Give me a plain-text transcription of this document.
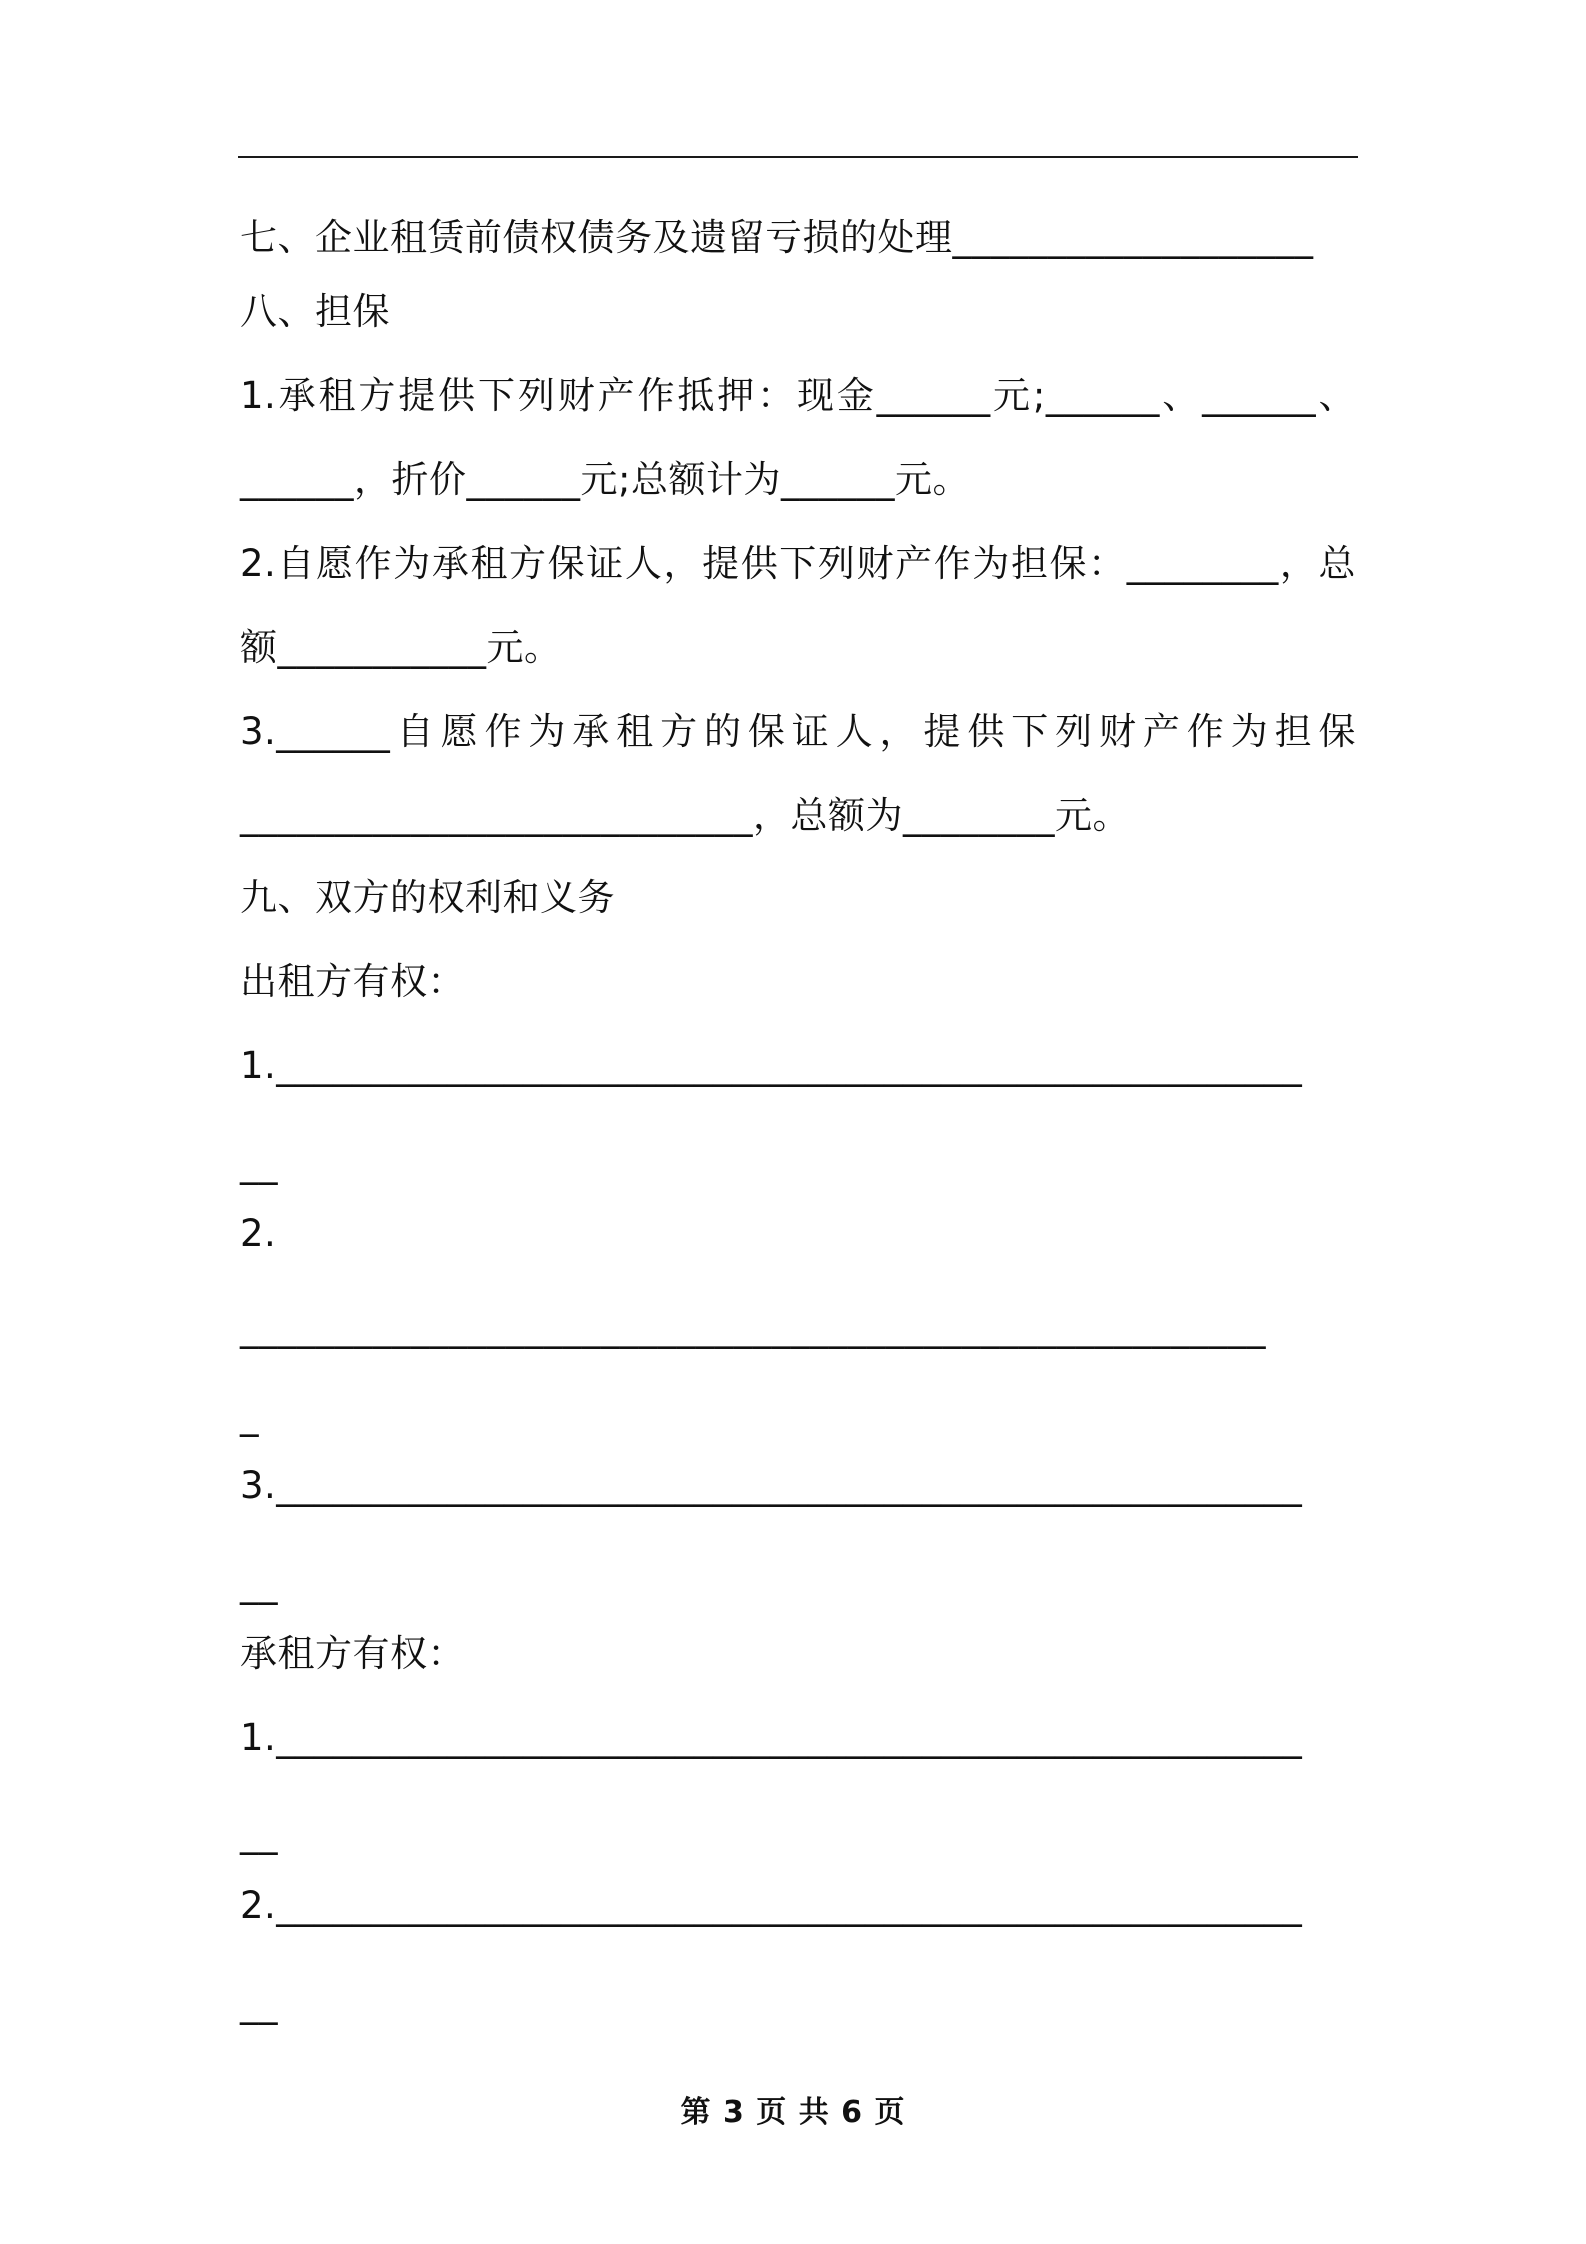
七、企业租赁前债权债务及遗留亏损的处理___________________
八、担保
1.承租方提供下列财产作抵押：现金______元;______、______、
______，折价______元;总额计为______元。
2.自愿作为承租方保证人，提供下列财产作为担保：________，总
额___________元。
3.______自愿作为承租方的保证人，提供下列财产作为担保
___________________________，总额为________元。
九、双方的权利和义务
出租方有权：
1.______________________________________________________
__
2.
______________________________________________________
_
3.______________________________________________________
__
承租方有权：
1.______________________________________________________
__
2.______________________________________________________
__
第 3 页 共 6 页
